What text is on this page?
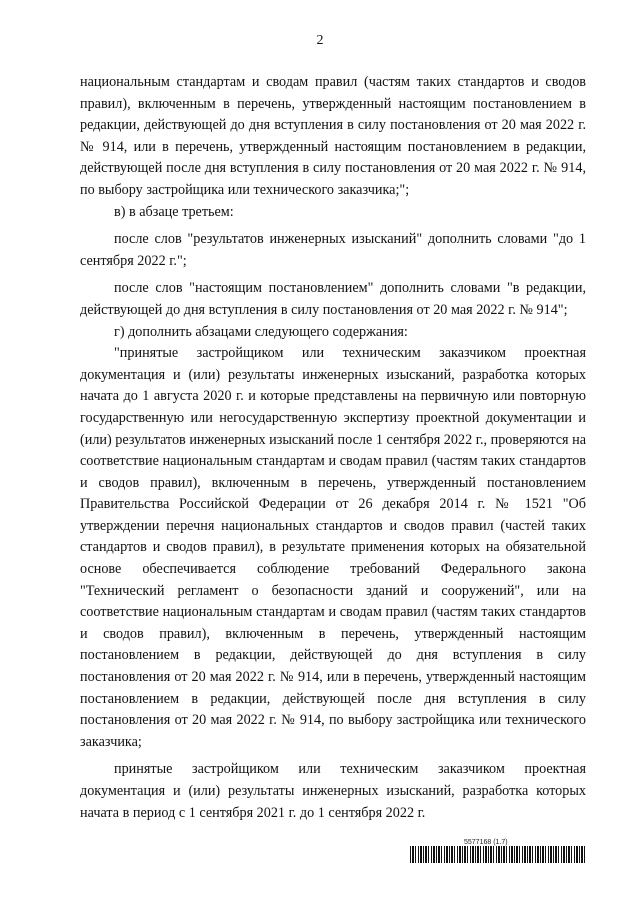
2

национальным стандартам и сводам правил (частям таких стандартов и сводов правил), включенным в перечень, утвержденный настоящим постановлением в редакции, действующей до дня вступления в силу постановления от 20 мая 2022 г. № 914, или в перечень, утвержденный настоящим постановлением в редакции, действующей после дня вступления в силу постановления от 20 мая 2022 г. № 914, по выбору застройщика или технического заказчика;";

в) в абзаце третьем:

после слов "результатов инженерных изысканий" дополнить словами "до 1 сентября 2022 г.";

после слов "настоящим постановлением" дополнить словами "в редакции, действующей до дня вступления в силу постановления от 20 мая 2022 г. № 914";

г) дополнить абзацами следующего содержания:

"принятые застройщиком или техническим заказчиком проектная документация и (или) результаты инженерных изысканий, разработка которых начата до 1 августа 2020 г. и которые представлены на первичную или повторную государственную или негосударственную экспертизу проектной документации и (или) результатов инженерных изысканий после 1 сентября 2022 г., проверяются на соответствие национальным стандартам и сводам правил (частям таких стандартов и сводов правил), включенным в перечень, утвержденный постановлением Правительства Российской Федерации от 26 декабря 2014 г. № 1521 "Об утверждении перечня национальных стандартов и сводов правил (частей таких стандартов и сводов правил), в результате применения которых на обязательной основе обеспечивается соблюдение требований Федерального закона "Технический регламент о безопасности зданий и сооружений", или на соответствие национальным стандартам и сводам правил (частям таких стандартов и сводов правил), включенным в перечень, утвержденный настоящим постановлением в редакции, действующей до дня вступления в силу постановления от 20 мая 2022 г. № 914, или в перечень, утвержденный настоящим постановлением в редакции, действующей после дня вступления в силу постановления от 20 мая 2022 г. № 914, по выбору застройщика или технического заказчика;

принятые застройщиком или техническим заказчиком проектная документация и (или) результаты инженерных изысканий, разработка которых начата в период с 1 сентября 2021 г. до 1 сентября 2022 г.

5577168 (1.7)
